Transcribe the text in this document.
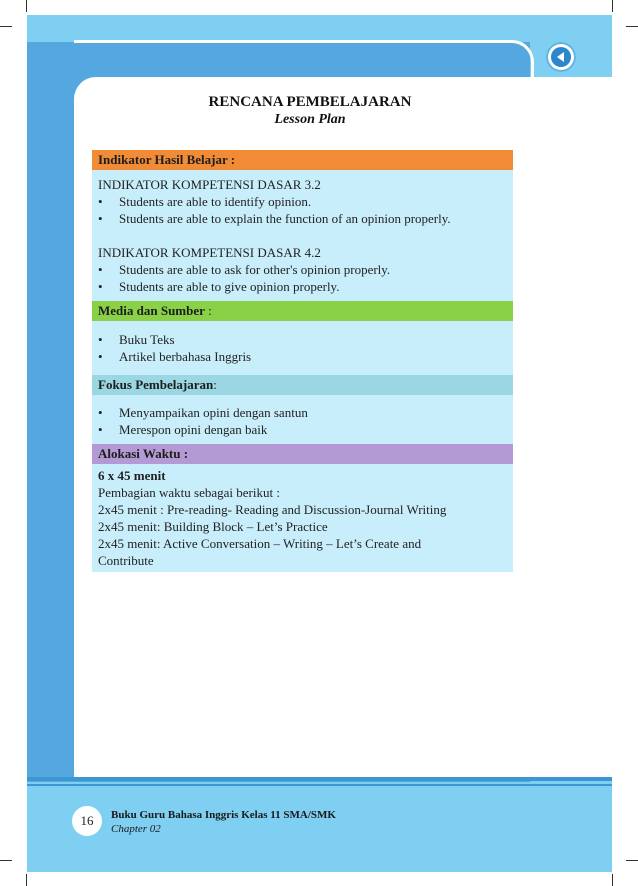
RENCANA PEMBELAJARAN
Lesson Plan
Indikator Hasil Belajar :
INDIKATOR KOMPETENSI DASAR 3.2
•	Students are able to identify opinion.
•	Students are able to explain the function of an opinion properly.
INDIKATOR KOMPETENSI DASAR 4.2
•	Students are able to ask for other's opinion properly.
•	Students are able to give opinion properly.
Media dan Sumber :
•	Buku Teks
•	Artikel berbahasa Inggris
Fokus Pembelajaran:
•	Menyampaikan opini dengan santun
•	Merespon opini dengan baik
Alokasi Waktu :
6 x 45 menit
Pembagian waktu sebagai berikut :
2x45 menit : Pre-reading- Reading and Discussion-Journal Writing
2x45 menit: Building Block – Let’s Practice
2x45 menit: Active Conversation – Writing – Let’s Create and
Contribute
16	Buku Guru Bahasa Inggris Kelas 11 SMA/SMK
Chapter 02
